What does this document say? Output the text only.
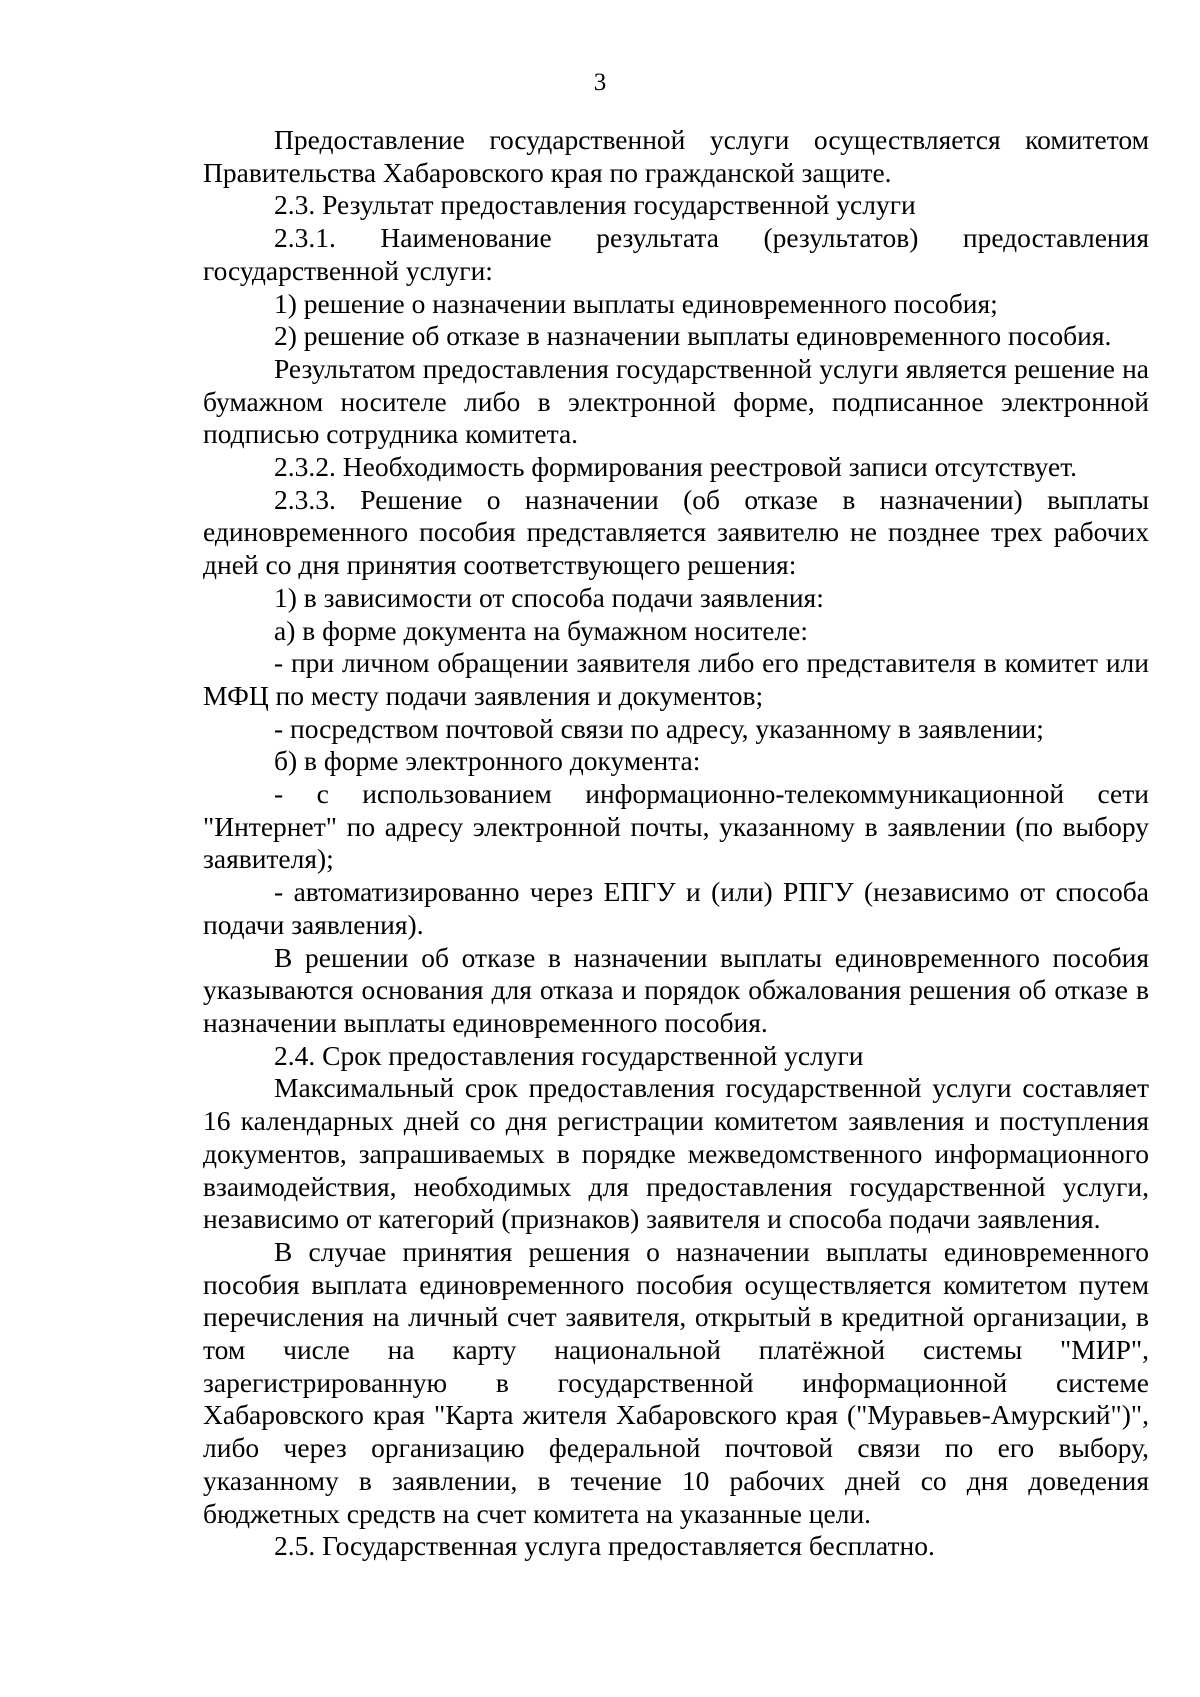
3

Предоставление государственной услуги осуществляется комитетом Правительства Хабаровского края по гражданской защите.

2.3. Результат предоставления государственной услуги

2.3.1. Наименование результата (результатов) предоставления государственной услуги:

1) решение о назначении выплаты единовременного пособия;

2) решение об отказе в назначении выплаты единовременного пособия.

Результатом предоставления государственной услуги является решение на бумажном носителе либо в электронной форме, подписанное электронной подписью сотрудника комитета.

2.3.2. Необходимость формирования реестровой записи отсутствует.

2.3.3. Решение о назначении (об отказе в назначении) выплаты единовременного пособия представляется заявителю не позднее трех рабочих дней со дня принятия соответствующего решения:

1) в зависимости от способа подачи заявления:

а) в форме документа на бумажном носителе:

- при личном обращении заявителя либо его представителя в комитет или МФЦ по месту подачи заявления и документов;

- посредством почтовой связи по адресу, указанному в заявлении;

б) в форме электронного документа:

- с использованием информационно-телекоммуникационной сети "Интернет" по адресу электронной почты, указанному в заявлении (по выбору заявителя);

- автоматизированно через ЕПГУ и (или) РПГУ (независимо от способа подачи заявления).

В решении об отказе в назначении выплаты единовременного пособия указываются основания для отказа и порядок обжалования решения об отказе в назначении выплаты единовременного пособия.

2.4. Срок предоставления государственной услуги

Максимальный срок предоставления государственной услуги составляет 16 календарных дней со дня регистрации комитетом заявления и поступления документов, запрашиваемых в порядке межведомственного информационного взаимодействия, необходимых для предоставления государственной услуги, независимо от категорий (признаков) заявителя и способа подачи заявления.

В случае принятия решения о назначении выплаты единовременного пособия выплата единовременного пособия осуществляется комитетом путем перечисления на личный счет заявителя, открытый в кредитной организации, в том числе на карту национальной платёжной системы "МИР", зарегистрированную в государственной информационной системе Хабаровского края "Карта жителя Хабаровского края ("Муравьев-Амурский")", либо через организацию федеральной почтовой связи по его выбору, указанному в заявлении, в течение 10 рабочих дней со дня доведения бюджетных средств на счет комитета на указанные цели.

2.5. Государственная услуга предоставляется бесплатно.
